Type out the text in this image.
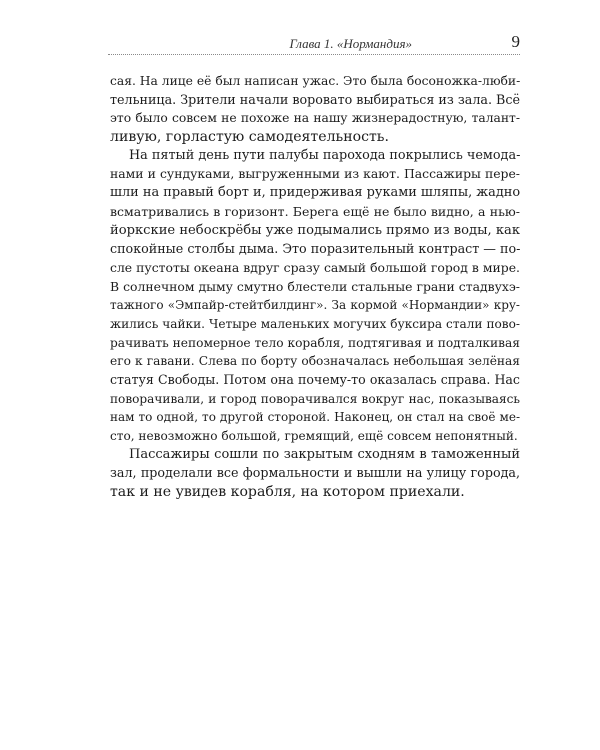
Глава 1. «Нормандия»	9
сая. На лице её был написан ужас. Это была босоножка-люби-
тельница. Зрители начали вороватo выбираться из зала. Всё
это было совсем не похоже на нашу жизнерадостную, талант-
ливую, горластую самодеятельность.
На пятый день пути палубы парохода покрылись чемода-
нами и сундуками, выгруженными из кают. Пассажиры пере-
шли на правый борт и, придерживая руками шляпы, жадно
всматривались в горизонт. Берега ещё не было видно, а нью-
йоркские небоскрёбы уже подымались прямо из воды, как
спокойные столбы дыма. Это поразительный контраст — по-
сле пустоты океана вдруг сразу самый большой город в мире.
В солнечном дыму смутно блестели стальные грани стадвухэ-
тажного «Эмпайр-стейтбилдинг». За кормой «Нормандии» кру-
жились чайки. Четыре маленьких могучих буксира стали пово-
рачивать непомерное тело корабля, подтягивая и подталкивая
его к гавани. Слева по борту обозначалась небольшая зелёная
статуя Свободы. Потом она почему-то оказалась справа. Нас
поворачивали, и город поворачивался вокруг нас, показываясь
нам то одной, то другой стороной. Наконец, он стал на своё ме-
сто, невозможно большой, гремящий, ещё совсем непонятный.
Пассажиры сошли по закрытым сходням в таможенный
зал, проделали все формальности и вышли на улицу города,
так и не увидев корабля, на котором приехали.
